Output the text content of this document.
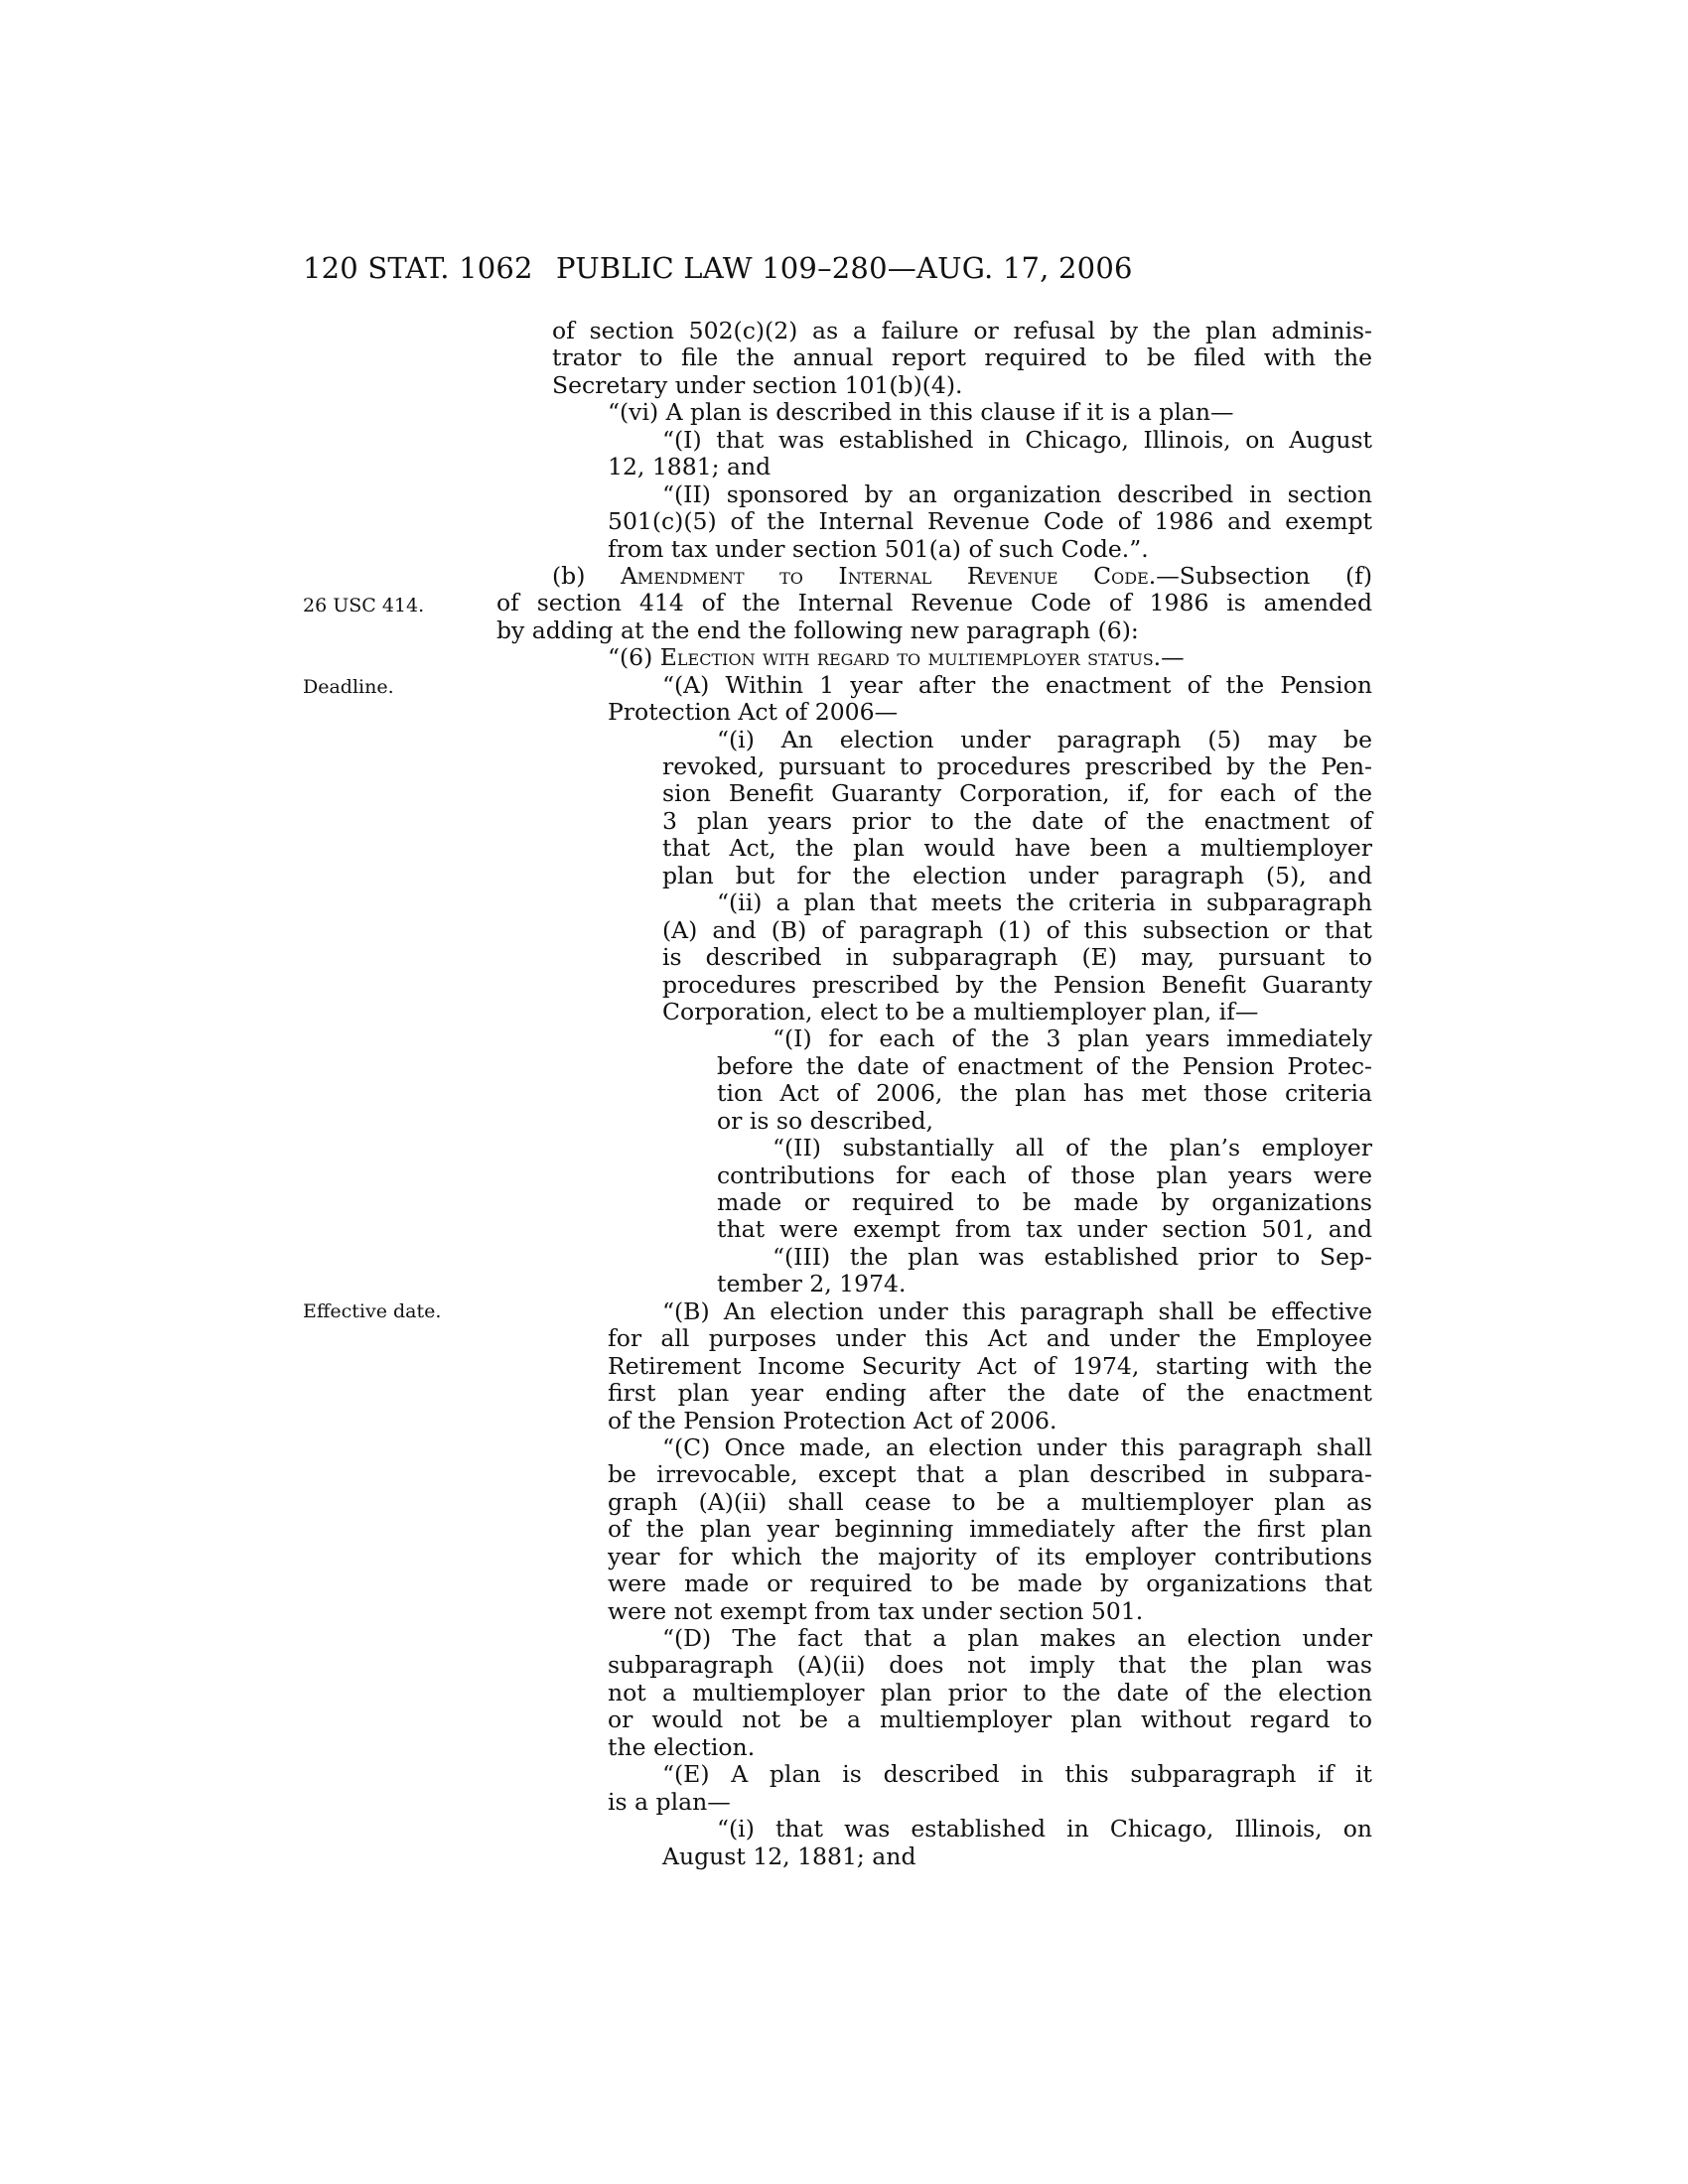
120 STAT. 1062 PUBLIC LAW 109–280—AUG. 17, 2006
26 USC 414.
Deadline.
Effective date.
of section 502(c)(2) as a failure or refusal by the plan adminis-
trator to file the annual report required to be filed with the
Secretary under section 101(b)(4).
“(vi) A plan is described in this clause if it is a plan—
“(I) that was established in Chicago, Illinois, on August
12, 1881; and
“(II) sponsored by an organization described in section
501(c)(5) of the Internal Revenue Code of 1986 and exempt
from tax under section 501(a) of such Code.”.
(b) Amendment to Internal Revenue Code.—Subsection (f)
of section 414 of the Internal Revenue Code of 1986 is amended
by adding at the end the following new paragraph (6):
“(6) Election with regard to multiemployer status.—
“(A) Within 1 year after the enactment of the Pension
Protection Act of 2006—
“(i) An election under paragraph (5) may be
revoked, pursuant to procedures prescribed by the Pen-
sion Benefit Guaranty Corporation, if, for each of the
3 plan years prior to the date of the enactment of
that Act, the plan would have been a multiemployer
plan but for the election under paragraph (5), and
“(ii) a plan that meets the criteria in subparagraph
(A) and (B) of paragraph (1) of this subsection or that
is described in subparagraph (E) may, pursuant to
procedures prescribed by the Pension Benefit Guaranty
Corporation, elect to be a multiemployer plan, if—
“(I) for each of the 3 plan years immediately
before the date of enactment of the Pension Protec-
tion Act of 2006, the plan has met those criteria
or is so described,
“(II) substantially all of the plan’s employer
contributions for each of those plan years were
made or required to be made by organizations
that were exempt from tax under section 501, and
“(III) the plan was established prior to Sep-
tember 2, 1974.
“(B) An election under this paragraph shall be effective
for all purposes under this Act and under the Employee
Retirement Income Security Act of 1974, starting with the
first plan year ending after the date of the enactment
of the Pension Protection Act of 2006.
“(C) Once made, an election under this paragraph shall
be irrevocable, except that a plan described in subpara-
graph (A)(ii) shall cease to be a multiemployer plan as
of the plan year beginning immediately after the first plan
year for which the majority of its employer contributions
were made or required to be made by organizations that
were not exempt from tax under section 501.
“(D) The fact that a plan makes an election under
subparagraph (A)(ii) does not imply that the plan was
not a multiemployer plan prior to the date of the election
or would not be a multiemployer plan without regard to
the election.
“(E) A plan is described in this subparagraph if it
is a plan—
“(i) that was established in Chicago, Illinois, on
August 12, 1881; and
